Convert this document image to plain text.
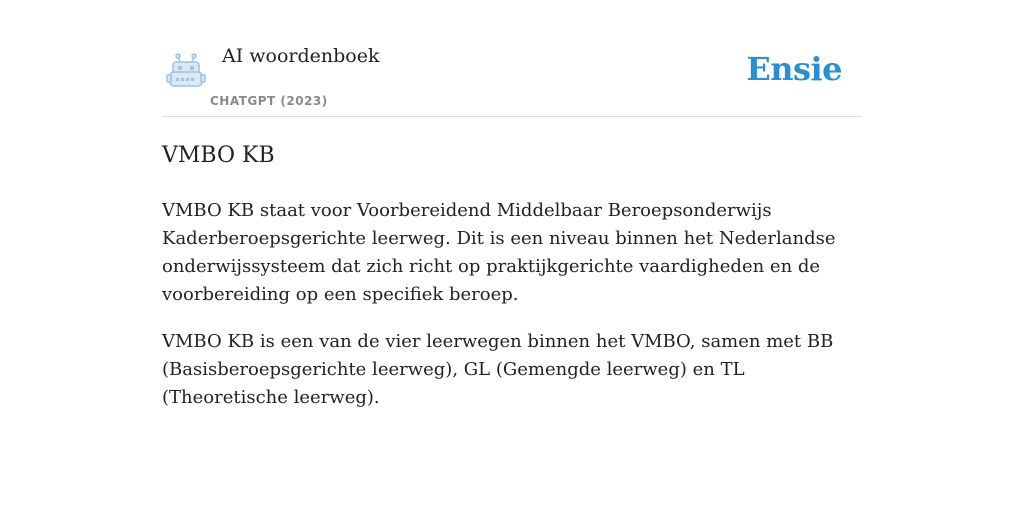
AI woordenboek
CHATGPT (2023)
Ensie
VMBO KB

VMBO KB staat voor Voorbereidend Middelbaar Beroepsonderwijs Kaderberoepsgerichte leerweg. Dit is een niveau binnen het Nederlandse onderwijssysteem dat zich richt op praktijkgerichte vaardigheden en de voorbereiding op een specifiek beroep.

VMBO KB is een van de vier leerwegen binnen het VMBO, samen met BB (Basisberoepsgerichte leerweg), GL (Gemengde leerweg) en TL (Theoretische leerweg).
